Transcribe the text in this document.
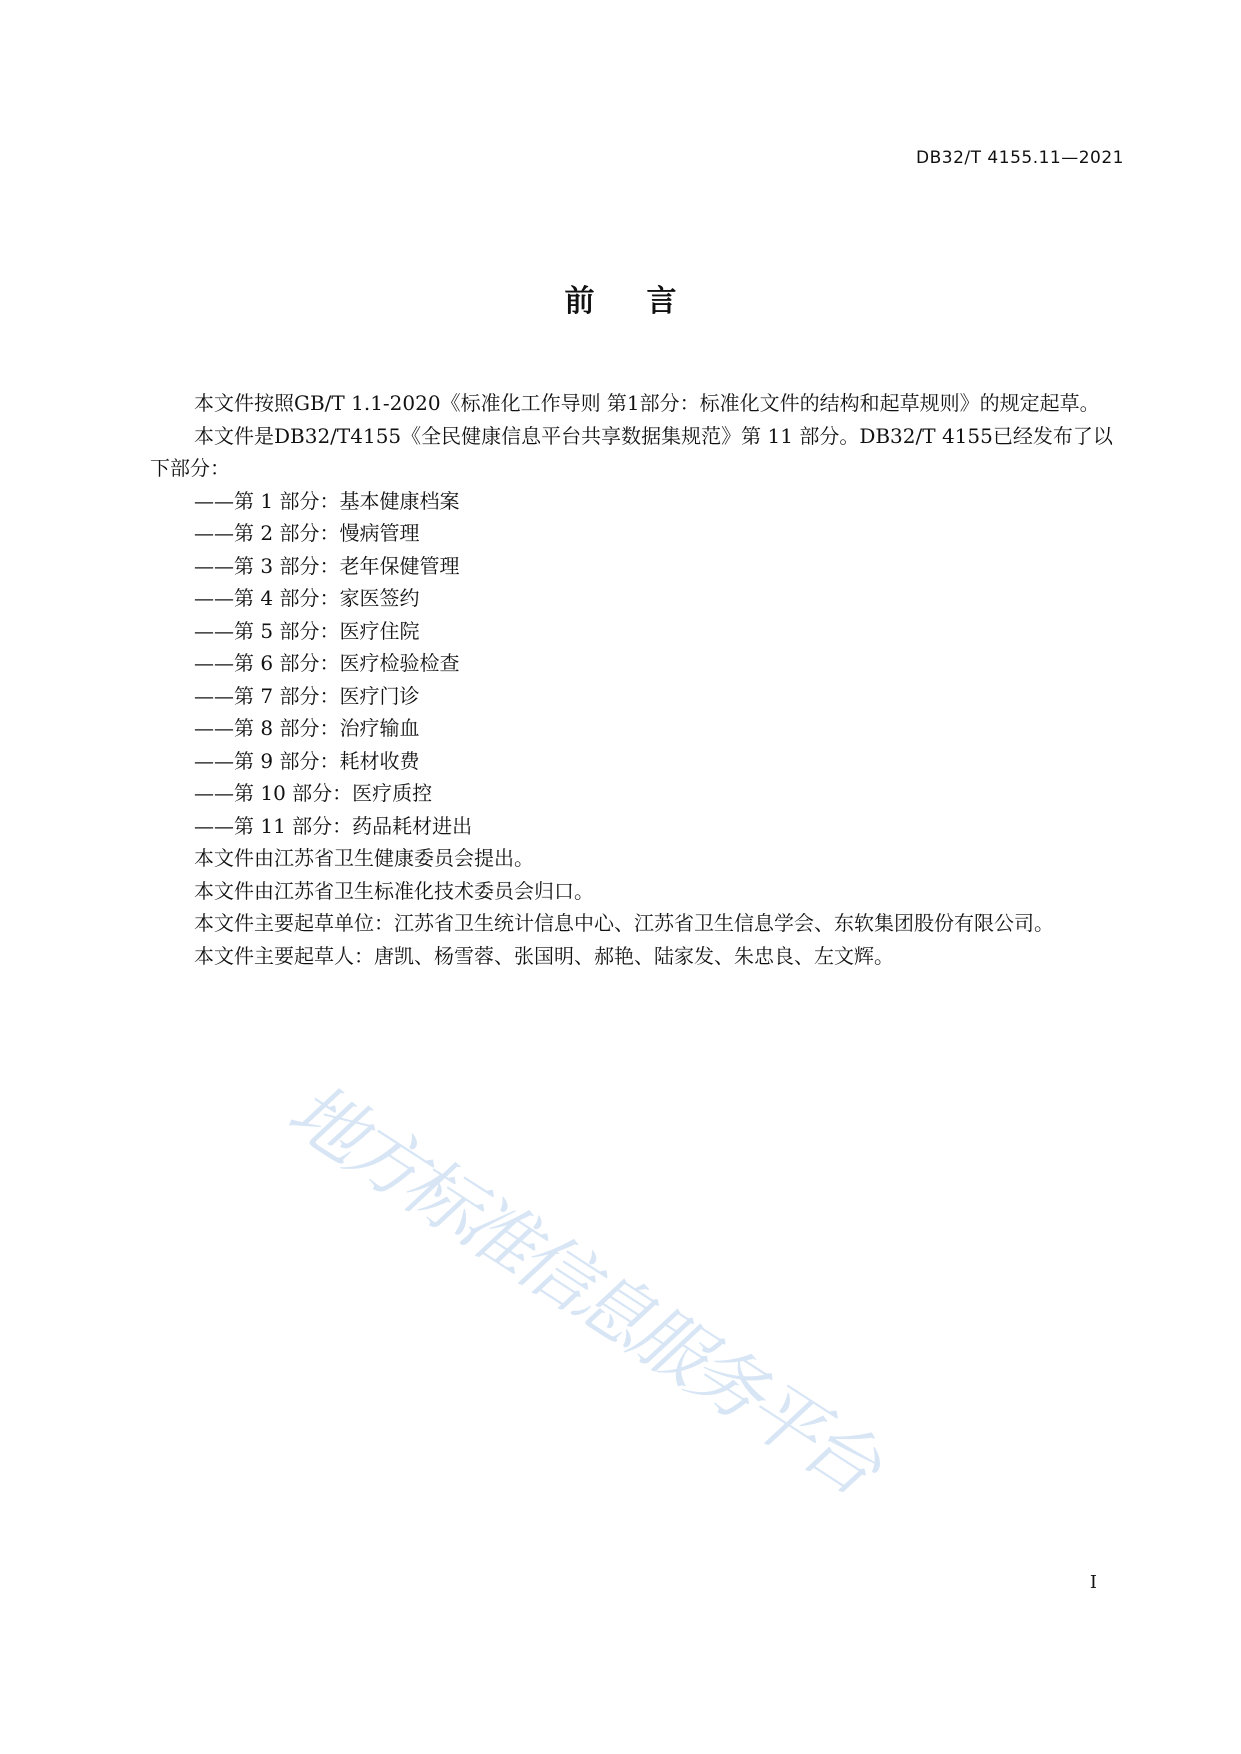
DB32/T 4155.11—2021
前言

本文件按照GB/T 1.1-2020《标准化工作导则 第1部分：标准化文件的结构和起草规则》的规定起草。

本文件是DB32/T4155《全民健康信息平台共享数据集规范》第 11 部分。DB32/T 4155已经发布了以下部分：

——第 1 部分：基本健康档案

——第 2 部分：慢病管理

——第 3 部分：老年保健管理

——第 4 部分：家医签约

——第 5 部分：医疗住院

——第 6 部分：医疗检验检查

——第 7 部分：医疗门诊

——第 8 部分：治疗输血

——第 9 部分：耗材收费

——第 10 部分：医疗质控

——第 11 部分：药品耗材进出

本文件由江苏省卫生健康委员会提出。

本文件由江苏省卫生标准化技术委员会归口。

本文件主要起草单位：江苏省卫生统计信息中心、江苏省卫生信息学会、东软集团股份有限公司。

本文件主要起草人：唐凯、杨雪蓉、张国明、郝艳、陆家发、朱忠良、左文辉。

地方标准信息服务平台
I
